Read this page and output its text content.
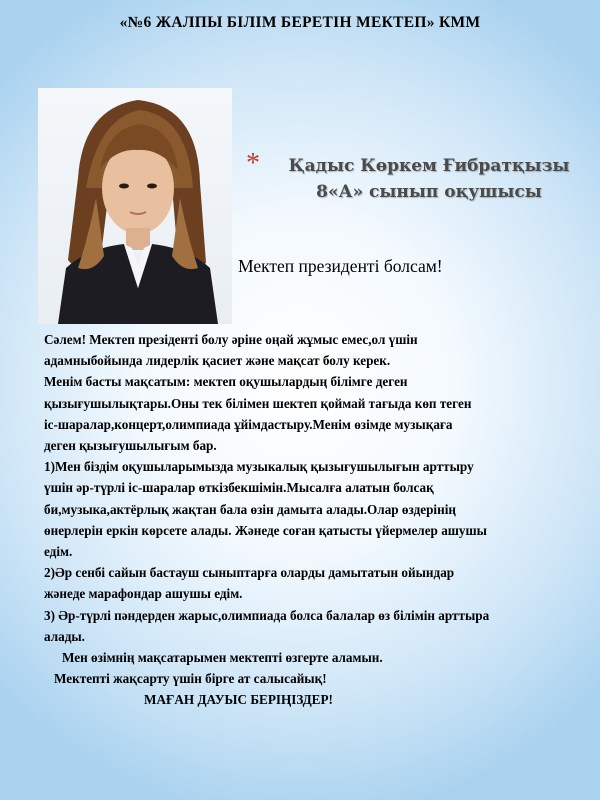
«№6 ЖАЛПЫ БІЛІМ БЕРЕТІН МЕКТЕП» КММ
*	Қадыс Көркем Ғибратқызы
8«А» сынып оқушысы
Мектеп президенті болсам!

Сәлем! Мектеп презіденті болу әріне оңай жұмыс емес,ол үшін

адамныбойында лидерлік қасиет және мақсат болу керек.

Менім басты мақсатым: мектеп оқушылардың білімге деген

қызығушылықтары.Оны тек білімен шектеп қоймай тағыда көп теген

іс-шаралар,концерт,олимпиада ұйімдастыру.Менім өзімде музықаға

деген қызығушылығым бар.

1)Мен біздім оқушыларымызда музыкалық қызығушылығын арттыру

үшін әр-түрлі іс-шаралар өткізбекшімін.Мысалға алатын болсақ

би,музыка,актёрлық жақтан бала өзін дамыта алады.Олар өздерінің

өнерлерін еркін көрсете алады. Жәнеде соған қатысты үйермелер ашушы

едім.

2)Әр сенбі сайын бастауш сыныптарға оларды дамытатын ойындар

жәнеде марафондар ашушы едім.

3) Әр-түрлі пәндерден жарыс,олимпиада болса балалар өз білімін арттыра

алады.

Мен өзімнің мақсатарымен мектепті өзгерте аламын.

Мектепті жақсарту үшін бірге ат салысайық!

МАҒАН ДАУЫС БЕРІҢІЗДЕР!
